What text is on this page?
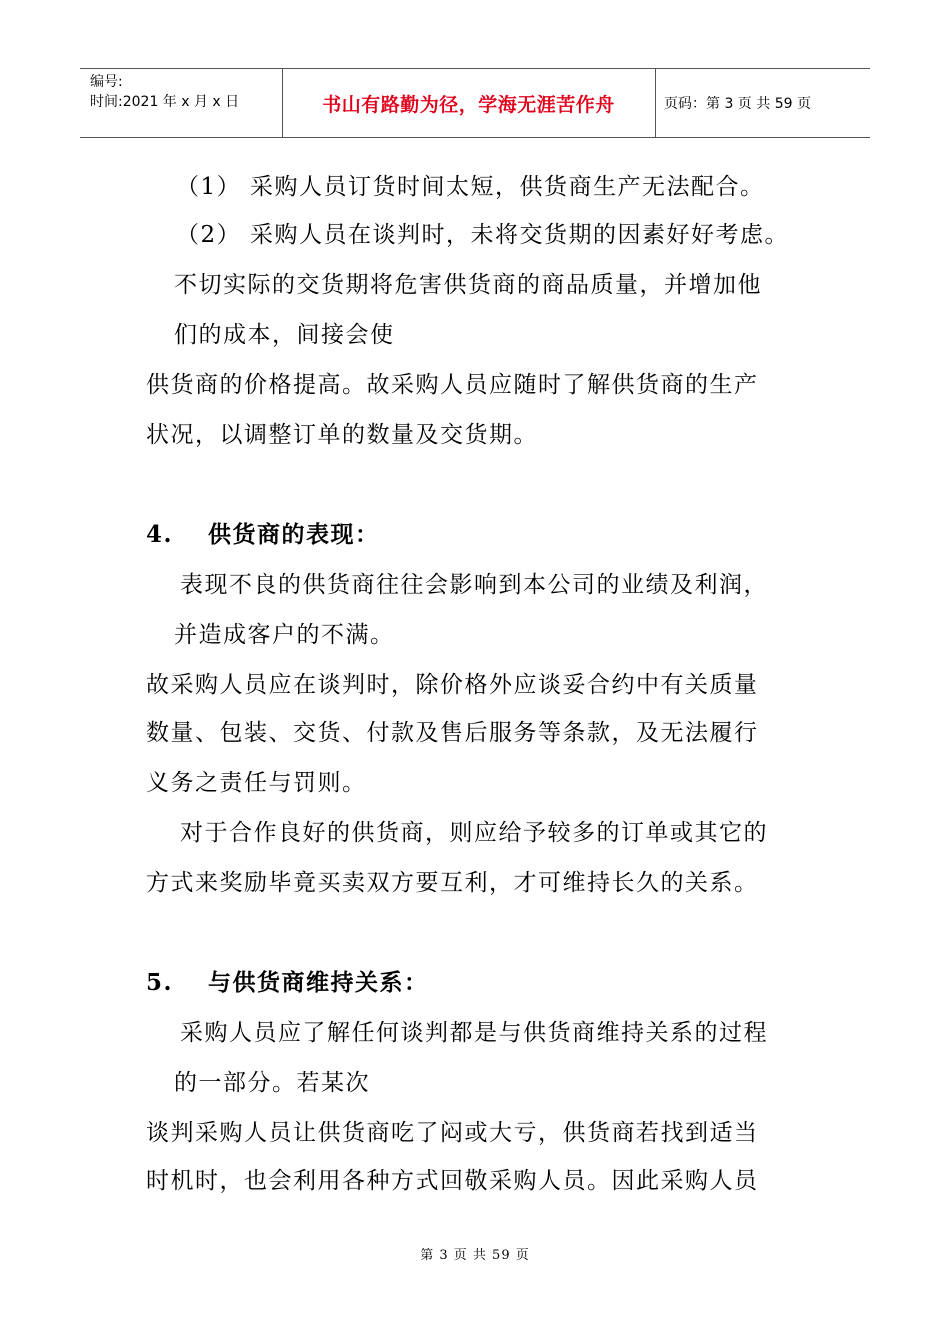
编号:
时间:2021 年 x 月 x 日	书山有路勤为径，学海无涯苦作舟	页码：第 3 页 共 59 页
（1） 采购人员订货时间太短，供货商生产无法配合。
（2） 采购人员在谈判时，未将交货期的因素好好考虑。
不切实际的交货期将危害供货商的商品质量，并增加他
们的成本，间接会使
供货商的价格提高。故采购人员应随时了解供货商的生产
状况，以调整订单的数量及交货期。
4. 供货商的表现：
表现不良的供货商往往会影响到本公司的业绩及利润，
并造成客户的不满。
故采购人员应在谈判时，除价格外应谈妥合约中有关质量
数量、包装、交货、付款及售后服务等条款，及无法履行
义务之责任与罚则。
对于合作良好的供货商，则应给予较多的订单或其它的
方式来奖励毕竟买卖双方要互利，才可维持长久的关系。
5. 与供货商维持关系：
采购人员应了解任何谈判都是与供货商维持关系的过程
的一部分。若某次
谈判采购人员让供货商吃了闷或大亏，供货商若找到适当
时机时，也会利用各种方式回敬采购人员。因此采购人员
第 3 页 共 59 页
